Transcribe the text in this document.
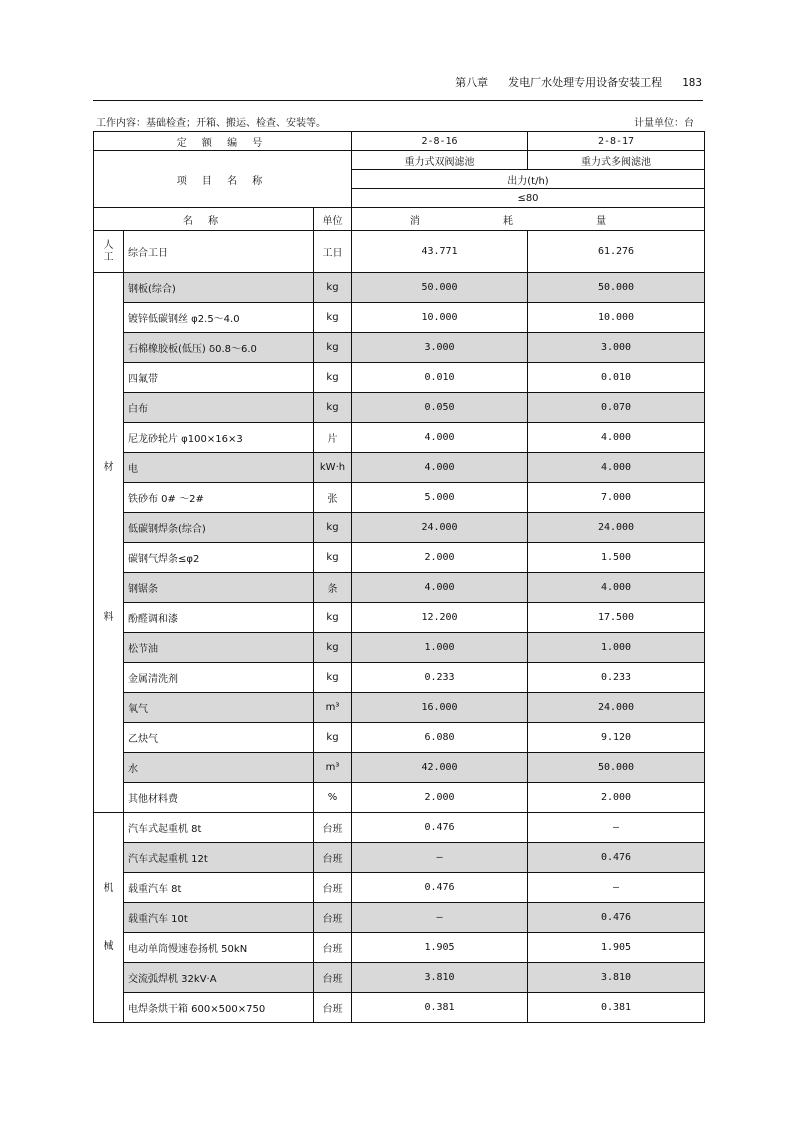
第八章 发电厂水处理专用设备安装工程 183
工作内容：基础检查；开箱、搬运、检查、安装等。	计量单位：台
定 额 编 号			2-8-16	2-8-17
项 目 名 称			重力式双阀滤池	重力式多阀滤池
			出力(t/h)	
			≤80	
名 称		单位	消 耗 量	

人
工	综合工日	工日	43.771	61.276

材
料	钢板(综合)	kg	50.000	50.000
	镀锌低碳钢丝 φ2.5～4.0	kg	10.000	10.000
	石棉橡胶板(低压) δ0.8～6.0	kg	3.000	3.000
	四氟带	kg	0.010	0.010
	白布	kg	0.050	0.070
	尼龙砂轮片 φ100×16×3	片	4.000	4.000
	电	kW·h	4.000	4.000
	铁砂布 0# ～2#	张	5.000	7.000
	低碳钢焊条(综合)	kg	24.000	24.000
	碳钢气焊条≤φ2	kg	2.000	1.500
	钢锯条	条	4.000	4.000
	酚醛调和漆	kg	12.200	17.500
	松节油	kg	1.000	1.000
	金属清洗剂	kg	0.233	0.233
	氧气	m³	16.000	24.000
	乙炔气	kg	6.080	9.120
	水	m³	42.000	50.000
	其他材料费	%	2.000	2.000

机
械	汽车式起重机 8t	台班	0.476	—
	汽车式起重机 12t	台班	—	0.476
	载重汽车 8t	台班	0.476	—
	载重汽车 10t	台班	—	0.476
	电动单筒慢速卷扬机 50kN	台班	1.905	1.905
	交流弧焊机 32kV·A	台班	3.810	3.810
	电焊条烘干箱 600×500×750	台班	0.381	0.381
